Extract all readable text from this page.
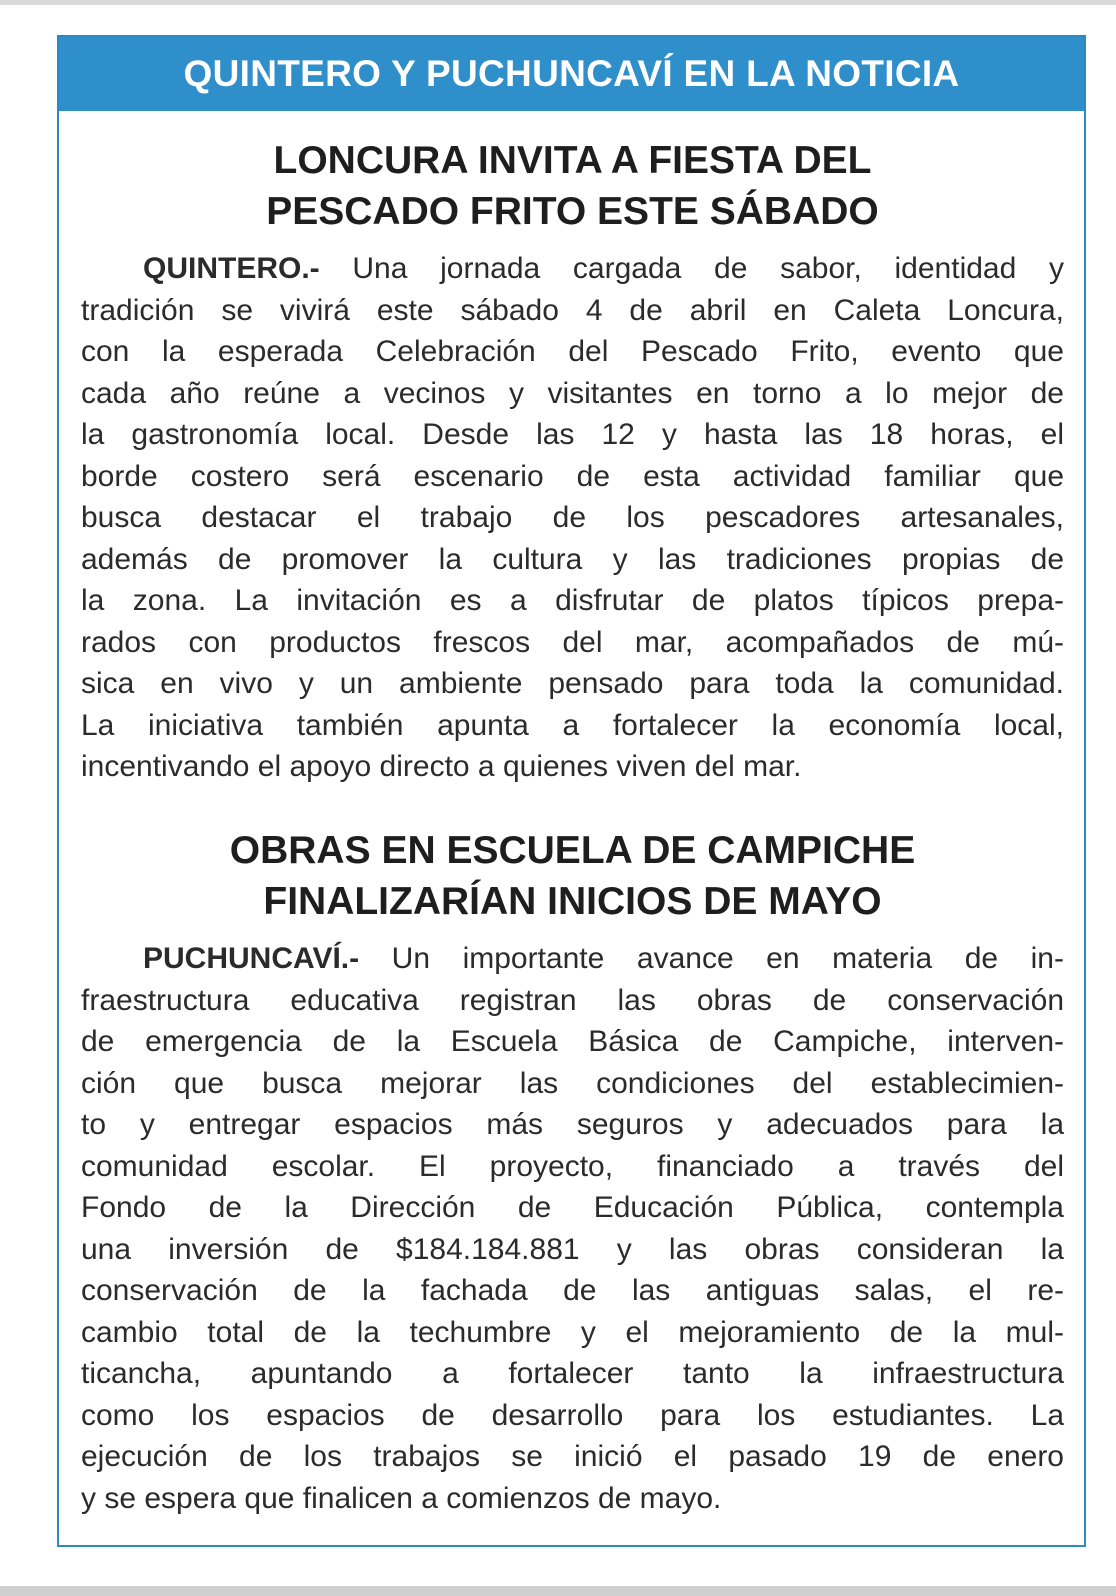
QUINTERO Y PUCHUNCAVÍ EN LA NOTICIA
LONCURA INVITA A FIESTA DEL
PESCADO FRITO ESTE SÁBADO
QUINTERO.- Una jornada cargada de sabor, identidad y
tradición se vivirá este sábado 4 de abril en Caleta Loncura,
con la esperada Celebración del Pescado Frito, evento que
cada año reúne a vecinos y visitantes en torno a lo mejor de
la gastronomía local. Desde las 12 y hasta las 18 horas, el
borde costero será escenario de esta actividad familiar que
busca destacar el trabajo de los pescadores artesanales,
además de promover la cultura y las tradiciones propias de
la zona. La invitación es a disfrutar de platos típicos prepa-
rados con productos frescos del mar, acompañados de mú-
sica en vivo y un ambiente pensado para toda la comunidad.
La iniciativa también apunta a fortalecer la economía local,
incentivando el apoyo directo a quienes viven del mar.
OBRAS EN ESCUELA DE CAMPICHE
FINALIZARÍAN INICIOS DE MAYO
PUCHUNCAVÍ.- Un importante avance en materia de in-
fraestructura educativa registran las obras de conservación
de emergencia de la Escuela Básica de Campiche, interven-
ción que busca mejorar las condiciones del establecimien-
to y entregar espacios más seguros y adecuados para la
comunidad escolar. El proyecto, financiado a través del
Fondo de la Dirección de Educación Pública, contempla
una inversión de $184.184.881 y las obras consideran la
conservación de la fachada de las antiguas salas, el re-
cambio total de la techumbre y el mejoramiento de la mul-
ticancha, apuntando a fortalecer tanto la infraestructura
como los espacios de desarrollo para los estudiantes. La
ejecución de los trabajos se inició el pasado 19 de enero
y se espera que finalicen a comienzos de mayo.
